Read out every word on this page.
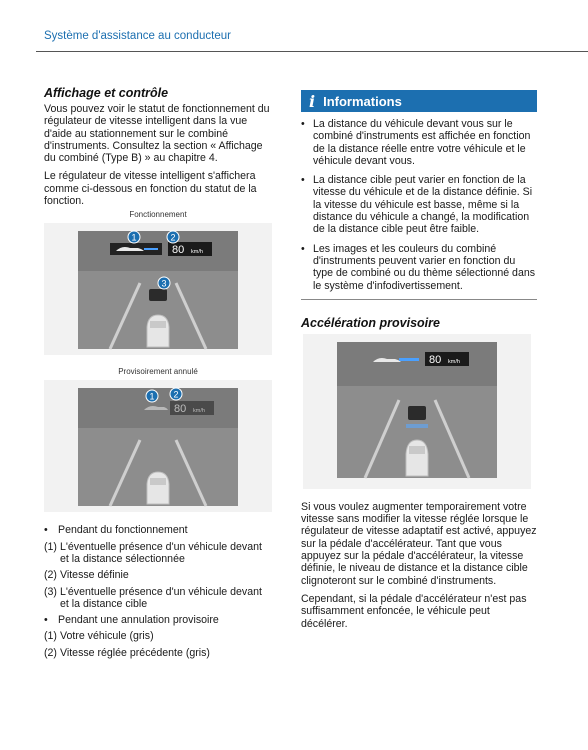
Système d'assistance au conducteur
Affichage et contrôle

Vous pouvez voir le statut de fonctionnement du régulateur de vitesse intelligent dans la vue d'aide au stationnement sur le combiné d'instruments. Consultez la section « Affichage du combiné (Type B) » au chapitre 4.

Le régulateur de vitesse intelligent s'affichera comme ci-dessous en fonction du statut de la fonction.

Fonctionnement
80 km/h
1	2
3
Provisoirement annulé
80 km/h
1 2
• Pendant du fonctionnement
(1) L'éventuelle présence d'un véhicule devant et la distance sélectionnée
(2) Vitesse définie
(3) L'éventuelle présence d'un véhicule devant et la distance cible
• Pendant une annulation provisoire
(1) Votre véhicule (gris)
(2) Vitesse réglée précédente (gris)
i Informations
• La distance du véhicule devant vous sur le combiné d'instruments est affichée en fonction de la distance réelle entre votre véhicule et le véhicule devant vous.
• La distance cible peut varier en fonction de la vitesse du véhicule et de la distance définie. Si la vitesse du véhicule est basse, même si la distance du véhicule a changé, la modification de la distance cible peut être faible.
• Les images et les couleurs du combiné d'instruments peuvent varier en fonction du type de combiné ou du thème sélectionné dans le système d'infodivertissement.
Accélération provisoire
80 km/h

Si vous voulez augmenter temporairement votre vitesse sans modifier la vitesse réglée lorsque le régulateur de vitesse adaptatif est activé, appuyez sur la pédale d'accélérateur. Tant que vous appuyez sur la pédale d'accélérateur, la vitesse définie, le niveau de distance et la distance cible clignoteront sur le combiné d'instruments.

Cependant, si la pédale d'accélérateur n'est pas suffisamment enfoncée, le véhicule peut décélérer.
